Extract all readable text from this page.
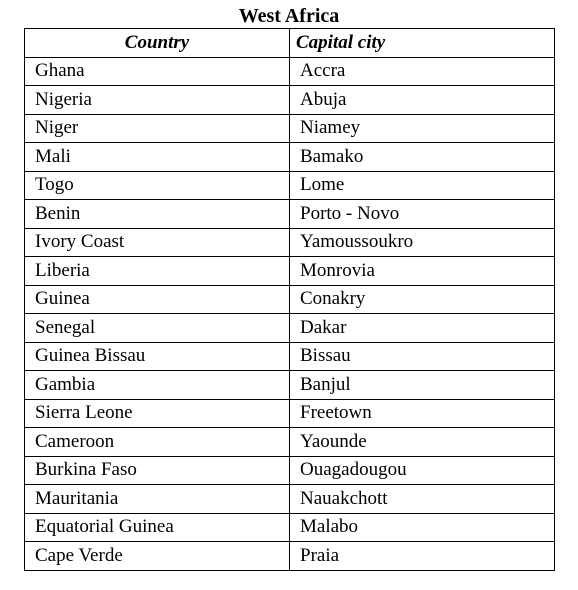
West Africa
Country	Capital city
Ghana	Accra
Nigeria	Abuja
Niger	Niamey
Mali	Bamako
Togo	Lome
Benin	Porto - Novo
Ivory Coast	Yamoussoukro
Liberia	Monrovia
Guinea	Conakry
Senegal	Dakar
Guinea Bissau	Bissau
Gambia	Banjul
Sierra Leone	Freetown
Cameroon	Yaounde
Burkina Faso	Ouagadougou
Mauritania	Nauakchott
Equatorial Guinea	Malabo
Cape Verde	Praia
